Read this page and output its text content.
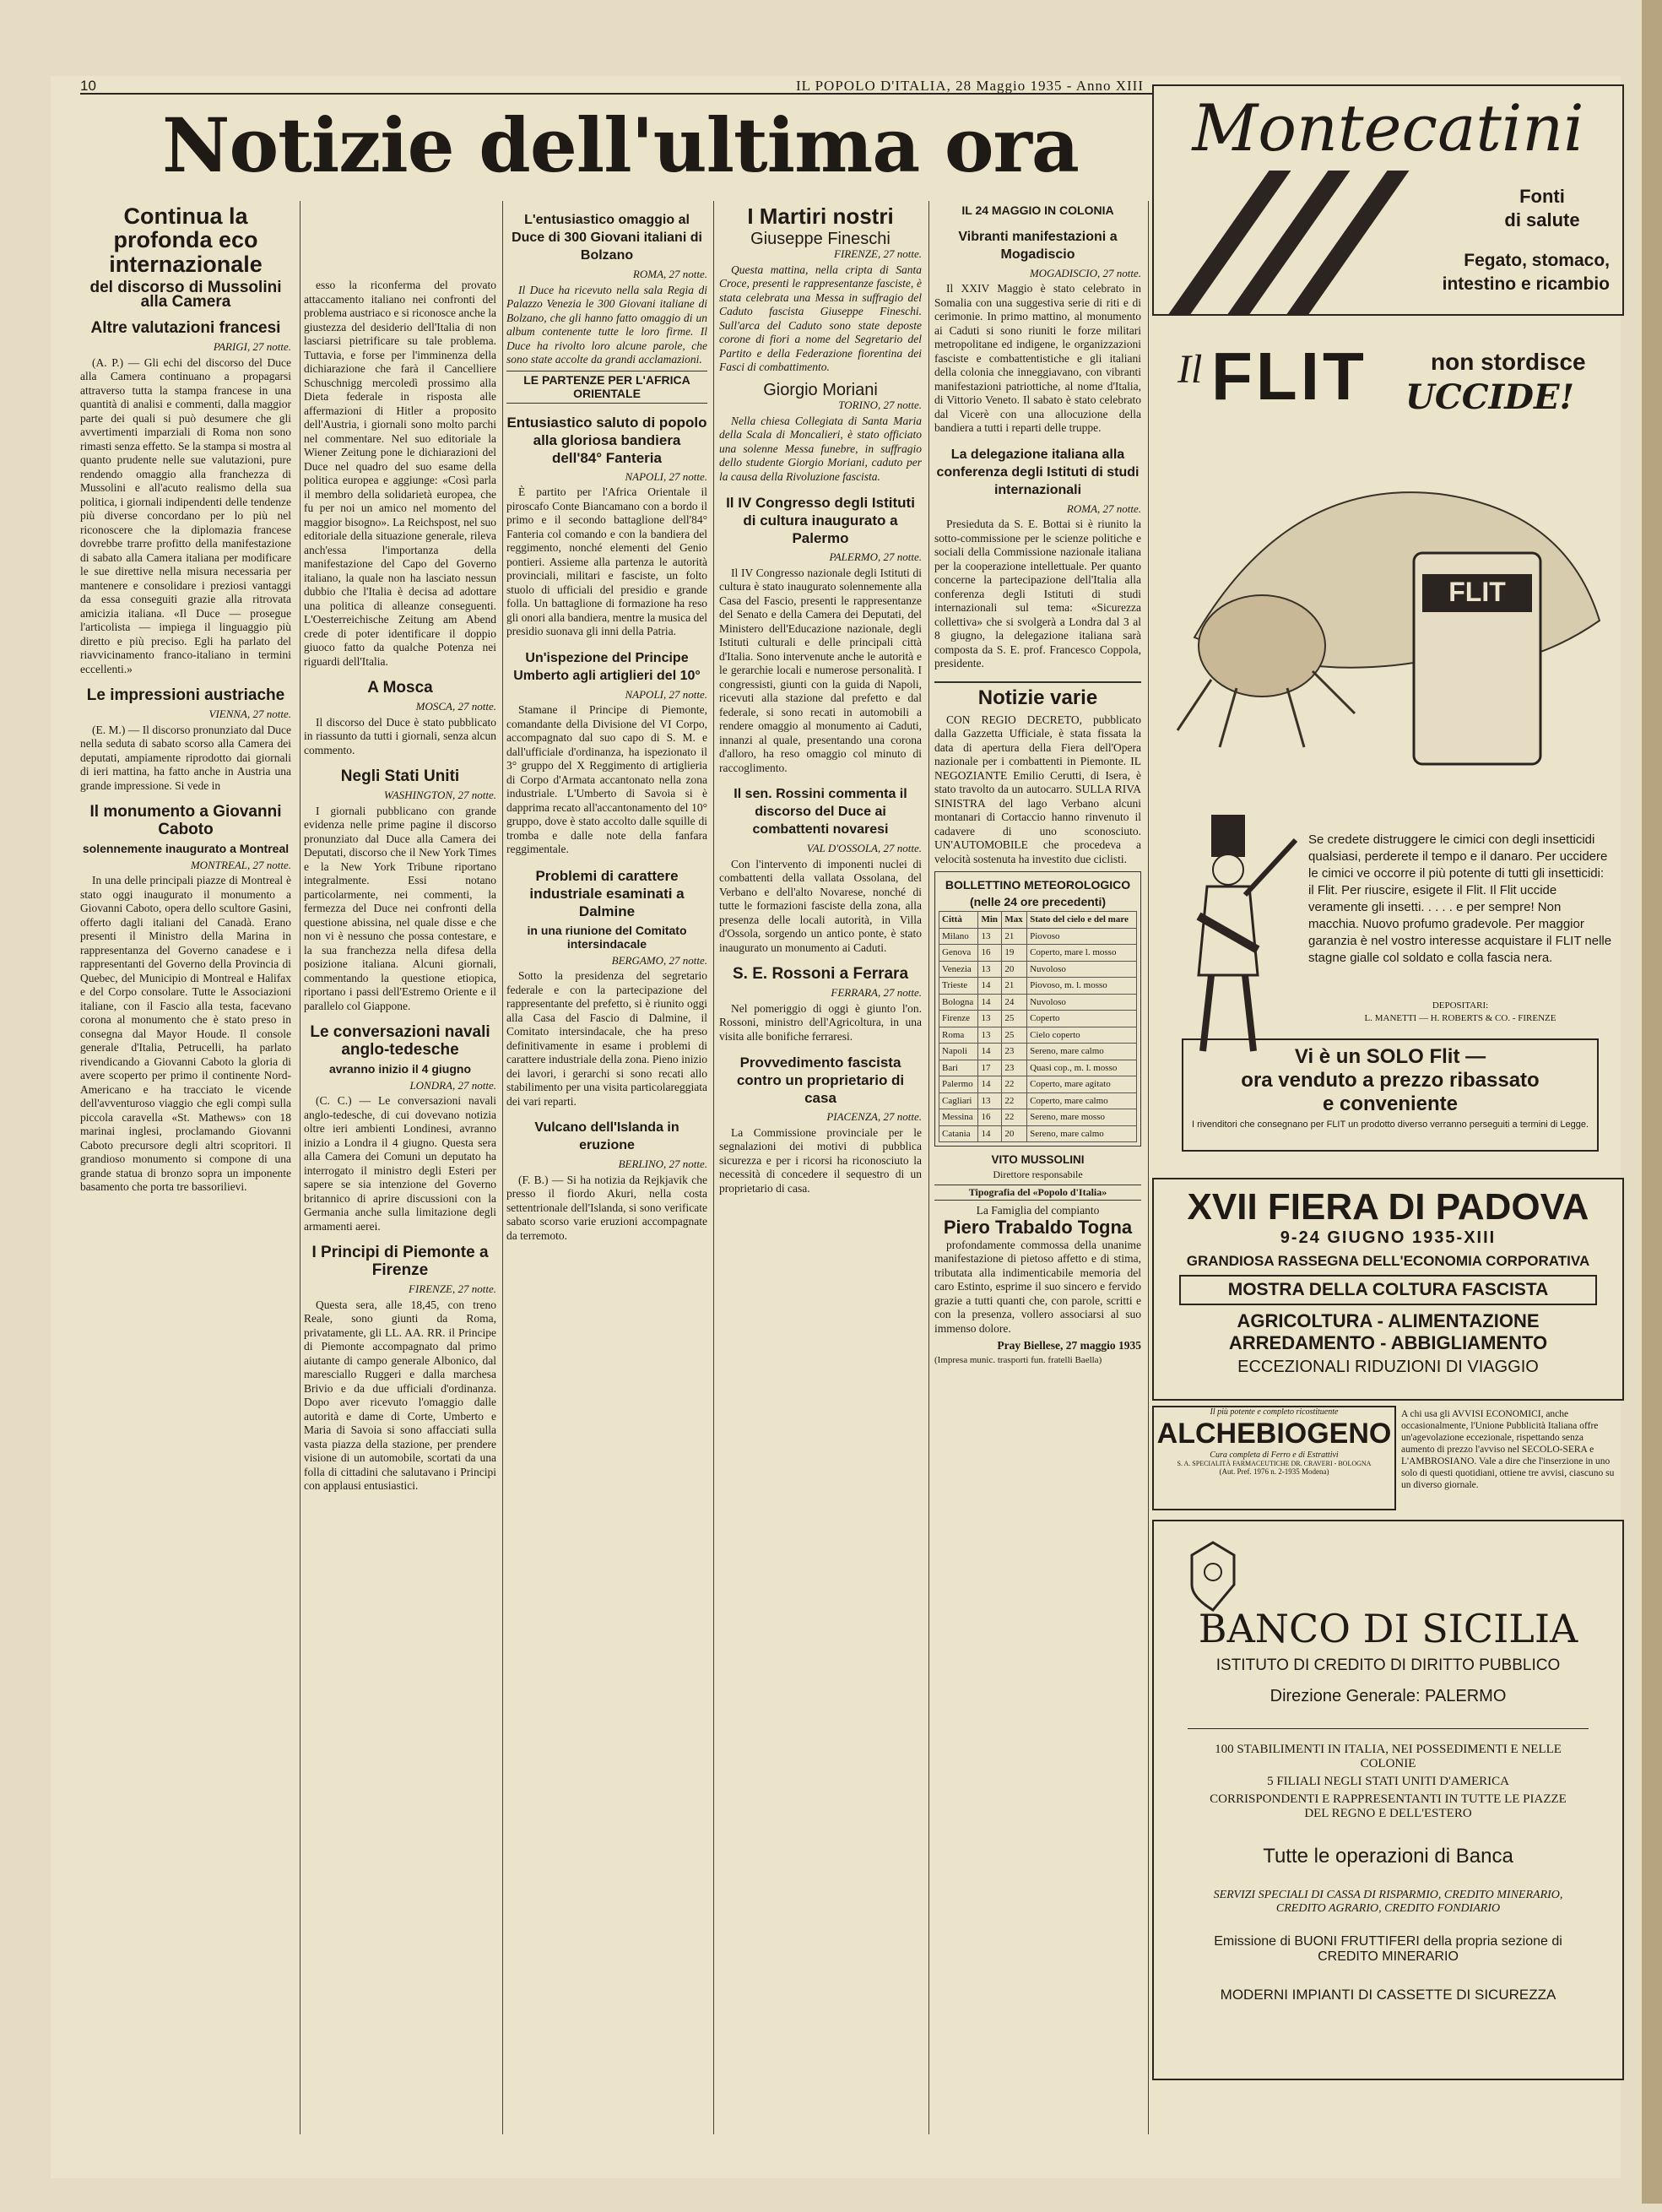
10	IL POPOLO D'ITALIA, 28 Maggio 1935 - Anno XIII
Notizie dell'ultima ora
Continua la profonda eco internazionale
del discorso di Mussolini alla Camera
Altre valutazioni francesi
PARIGI, 27 notte.

(A. P.) — Gli echi del discorso del Duce alla Camera continuano a propagarsi attraverso tutta la stampa francese in una quantità di analisi e commenti, dalla maggior parte dei quali si può desumere che gli avvertimenti imparziali di Roma non sono rimasti senza effetto. Se la stampa si mostra al quanto prudente nelle sue valutazioni, pure rendendo omaggio alla franchezza di Mussolini e all'acuto realismo della sua politica, i giornali indipendenti delle tendenze più diverse concordano per lo più nel riconoscere che la diplomazia francese dovrebbe trarre profitto della manifestazione di sabato alla Camera italiana per modificare le sue direttive nella misura necessaria per mantenere e consolidare i preziosi vantaggi da essa conseguiti grazie alla ritrovata amicizia italiana. «Il Duce — prosegue l'articolista — impiega il linguaggio più diretto e più preciso. Egli ha parlato del riavvicinamento franco-italiano in termini eccellenti.»

Le impressioni austriache
VIENNA, 27 notte.

(E. M.) — Il discorso pronunziato dal Duce nella seduta di sabato scorso alla Camera dei deputati, ampiamente riprodotto dai giornali di ieri mattina, ha fatto anche in Austria una grande impressione. Si vede in

Il monumento a Giovanni Caboto
solennemente inaugurato a Montreal
MONTREAL, 27 notte.

In una delle principali piazze di Montreal è stato oggi inaugurato il monumento a Giovanni Caboto, opera dello scultore Gasini, offerto dagli italiani del Canadà. Erano presenti il Ministro della Marina in rappresentanza del Governo canadese e i rappresentanti del Governo della Provincia di Quebec, del Municipio di Montreal e Halifax e del Corpo consolare. Tutte le Associazioni italiane, con il Fascio alla testa, facevano corona al monumento che è stato preso in consegna dal Mayor Houde. Il console generale d'Italia, Petrucelli, ha parlato rivendicando a Giovanni Caboto la gloria di avere scoperto per primo il continente Nord-Americano e ha tracciato le vicende dell'avventuroso viaggio che egli compì sulla piccola caravella «St. Mathews» con 18 marinai inglesi, proclamando Giovanni Caboto precursore degli altri scopritori. Il grandioso monumento si compone di una grande statua di bronzo sopra un imponente basamento che porta tre bassorilievi.

esso la riconferma del provato attaccamento italiano nei confronti del problema austriaco e si riconosce anche la giustezza del desiderio dell'Italia di non lasciarsi pietrificare su tale problema. Tuttavia, e forse per l'imminenza della dichiarazione che farà il Cancelliere Schuschnigg mercoledì prossimo alla Dieta federale in risposta alle affermazioni di Hitler a proposito dell'Austria, i giornali sono molto parchi nel commentare. Nel suo editoriale la Wiener Zeitung pone le dichiarazioni del Duce nel quadro del suo esame della politica europea e aggiunge: «Così parla il membro della solidarietà europea, che fu per noi un amico nel momento del maggior bisogno». La Reichspost, nel suo editoriale della situazione generale, rileva anch'essa l'importanza della manifestazione del Capo del Governo italiano, la quale non ha lasciato nessun dubbio che l'Italia è decisa ad adottare una politica di alleanze conseguenti. L'Oesterreichische Zeitung am Abend crede di poter identificare il doppio giuoco fatto da qualche Potenza nei riguardi dell'Italia.

A Mosca
MOSCA, 27 notte.

Il discorso del Duce è stato pubblicato in riassunto da tutti i giornali, senza alcun commento.

Negli Stati Uniti
WASHINGTON, 27 notte.

I giornali pubblicano con grande evidenza nelle prime pagine il discorso pronunziato dal Duce alla Camera dei Deputati, discorso che il New York Times e la New York Tribune riportano integralmente. Essi notano particolarmente, nei commenti, la fermezza del Duce nei confronti della questione abissina, nel quale disse e che non vi è nessuno che possa contestare, e la sua franchezza nella difesa della posizione italiana. Alcuni giornali, commentando la questione etiopica, riportano i passi dell'Estremo Oriente e il parallelo col Giappone.

Le conversazioni navali anglo-tedesche
avranno inizio il 4 giugno
LONDRA, 27 notte.

(C. C.) — Le conversazioni navali anglo-tedesche, di cui dovevano notizia oltre ieri ambienti Londinesi, avranno inizio a Londra il 4 giugno. Questa sera alla Camera dei Comuni un deputato ha interrogato il ministro degli Esteri per sapere se sia intenzione del Governo britannico di aprire discussioni con la Germania anche sulla limitazione degli armamenti aerei.

I Principi di Piemonte a Firenze
FIRENZE, 27 notte.

Questa sera, alle 18,45, con treno Reale, sono giunti da Roma, privatamente, gli LL. AA. RR. il Principe di Piemonte accompagnato dal primo aiutante di campo generale Albonico, dal maresciallo Ruggeri e dalla marchesa Brivio e da due ufficiali d'ordinanza. Dopo aver ricevuto l'omaggio dalle autorità e dame di Corte, Umberto e Maria di Savoia si sono affacciati sulla vasta piazza della stazione, per prendere visione di un automobile, scortati da una folla di cittadini che salutavano i Principi con applausi entusiastici.

L'entusiastico omaggio al Duce di 300 Giovani italiani di Bolzano
ROMA, 27 notte.

Il Duce ha ricevuto nella sala Regia di Palazzo Venezia le 300 Giovani italiane di Bolzano, che gli hanno fatto omaggio di un album contenente tutte le loro firme. Il Duce ha rivolto loro alcune parole, che sono state accolte da grandi acclamazioni.

LE PARTENZE PER L'AFRICA ORIENTALE
Entusiastico saluto di popolo alla gloriosa bandiera dell'84° Fanteria
NAPOLI, 27 notte.

È partito per l'Africa Orientale il piroscafo Conte Biancamano con a bordo il primo e il secondo battaglione dell'84° Fanteria col comando e con la bandiera del reggimento, nonché elementi del Genio pontieri. Assieme alla partenza le autorità provinciali, militari e fasciste, un folto stuolo di ufficiali del presidio e grande folla. Un battaglione di formazione ha reso gli onori alla bandiera, mentre la musica del presidio suonava gli inni della Patria.

Un'ispezione del Principe Umberto agli artiglieri del 10°
NAPOLI, 27 notte.

Stamane il Principe di Piemonte, comandante della Divisione del VI Corpo, accompagnato dal suo capo di S. M. e dall'ufficiale d'ordinanza, ha ispezionato il 3° gruppo del X Reggimento di artiglieria di Corpo d'Armata accantonato nella zona industriale. L'Umberto di Savoia si è dapprima recato all'accantonamento del 10° gruppo, dove è stato accolto dalle squille di tromba e dalle note della fanfara reggimentale.

Problemi di carattere industriale esaminati a Dalmine
in una riunione del Comitato intersindacale
BERGAMO, 27 notte.

Sotto la presidenza del segretario federale e con la partecipazione del rappresentante del prefetto, si è riunito oggi alla Casa del Fascio di Dalmine, il Comitato intersindacale, che ha preso definitivamente in esame i problemi di carattere industriale della zona. Pieno inizio dei lavori, i gerarchi si sono recati allo stabilimento per una visita particolareggiata dei vari reparti.

Vulcano dell'Islanda in eruzione
BERLINO, 27 notte.

(F. B.) — Si ha notizia da Rejkjavik che presso il fiordo Akuri, nella costa settentrionale dell'Islanda, si sono verificate sabato scorso varie eruzioni accompagnate da terremoto.

I Martiri nostri
Giuseppe Fineschi
FIRENZE, 27 notte.

Questa mattina, nella cripta di Santa Croce, presenti le rappresentanze fasciste, è stata celebrata una Messa in suffragio del Caduto fascista Giuseppe Fineschi. Sull'arca del Caduto sono state deposte corone di fiori a nome del Segretario del Partito e della Federazione fiorentina dei Fasci di combattimento.

Giorgio Moriani
TORINO, 27 notte.

Nella chiesa Collegiata di Santa Maria della Scala di Moncalieri, è stato officiato una solenne Messa funebre, in suffragio dello studente Giorgio Moriani, caduto per la causa della Rivoluzione fascista.

Il IV Congresso degli Istituti di cultura inaugurato a Palermo
PALERMO, 27 notte.

Il IV Congresso nazionale degli Istituti di cultura è stato inaugurato solennemente alla Casa del Fascio, presenti le rappresentanze del Senato e della Camera dei Deputati, del Ministero dell'Educazione nazionale, degli Istituti culturali e delle principali città d'Italia. Sono intervenute anche le autorità e le gerarchie locali e numerose personalità. I congressisti, giunti con la guida di Napoli, ricevuti alla stazione dal prefetto e dal federale, si sono recati in automobili a rendere omaggio al monumento ai Caduti, innanzi al quale, presentando una corona d'alloro, ha reso omaggio col minuto di raccoglimento.

Il sen. Rossini commenta il discorso del Duce ai combattenti novaresi
VAL D'OSSOLA, 27 notte.

Con l'intervento di imponenti nuclei di combattenti della vallata Ossolana, del Verbano e dell'alto Novarese, nonché di tutte le formazioni fasciste della zona, alla presenza delle locali autorità, in Villa d'Ossola, sorgendo un antico ponte, è stato inaugurato un monumento ai Caduti.

S. E. Rossoni a Ferrara
FERRARA, 27 notte.

Nel pomeriggio di oggi è giunto l'on. Rossoni, ministro dell'Agricoltura, in una visita alle bonifiche ferraresi.

Provvedimento fascista contro un proprietario di casa
PIACENZA, 27 notte.

La Commissione provinciale per le segnalazioni dei motivi di pubblica sicurezza e per i ricorsi ha riconosciuto la necessità di concedere il sequestro di un proprietario di casa.

IL 24 MAGGIO IN COLONIA
Vibranti manifestazioni a Mogadiscio
MOGADISCIO, 27 notte.

Il XXIV Maggio è stato celebrato in Somalia con una suggestiva serie di riti e di cerimonie. In primo mattino, al monumento ai Caduti si sono riuniti le forze militari metropolitane ed indigene, le organizzazioni fasciste e combattentistiche e gli italiani della colonia che inneggiavano, con vibranti manifestazioni patriottiche, al nome d'Italia, di Vittorio Veneto. Il sabato è stato celebrato dal Vicerè con una allocuzione della bandiera a tutti i reparti delle truppe.

La delegazione italiana alla conferenza degli Istituti di studi internazionali
ROMA, 27 notte.

Presieduta da S. E. Bottai si è riunito la sotto-commissione per le scienze politiche e sociali della Commissione nazionale italiana per la cooperazione intellettuale. Per quanto concerne la partecipazione dell'Italia alla conferenza degli Istituti di studi internazionali sul tema: «Sicurezza collettiva» che si svolgerà a Londra dal 3 al 8 giugno, la delegazione italiana sarà composta da S. E. prof. Francesco Coppola, presidente.

Notizie varie

CON REGIO DECRETO, pubblicato dalla Gazzetta Ufficiale, è stata fissata la data di apertura della Fiera dell'Opera nazionale per i combattenti in Piemonte. IL NEGOZIANTE Emilio Cerutti, di Isera, è stato travolto da un autocarro. SULLA RIVA SINISTRA del lago Verbano alcuni montanari di Cortaccio hanno rinvenuto il cadavere di uno sconosciuto. UN'AUTOMOBILE che procedeva a velocità sostenuta ha investito due ciclisti.

BOLLETTINO METEOROLOGICO
(nelle 24 ore precedenti)
Città	Min	Max	Stato del cielo e del mare
Milano	13	21	Piovoso
Genova	16	19	Coperto, mare l. mosso
Venezia	13	20	Nuvoloso
Trieste	14	21	Piovoso, m. l. mosso
Bologna	14	24	Nuvoloso
Firenze	13	25	Coperto
Roma	13	25	Cielo coperto
Napoli	14	23	Sereno, mare calmo
Bari	17	23	Quasi cop., m. l. mosso
Palermo	14	22	Coperto, mare agitato
Cagliari	13	22	Coperto, mare calmo
Messina	16	22	Sereno, mare mosso
Catania	14	20	Sereno, mare calmo
VITO MUSSOLINI
Direttore responsabile
Tipografia del «Popolo d'Italia»
La Famiglia del compianto
Piero Trabaldo Togna

profondamente commossa della unanime manifestazione di pietoso affetto e di stima, tributata alla indimenticabile memoria del caro Estinto, esprime il suo sincero e fervido grazie a tutti quanti che, con parole, scritti e con la presenza, vollero associarsi al suo immenso dolore.

Pray Biellese, 27 maggio 1935
(Impresa munic. trasporti fun. fratelli Baella)
Montecatini
Fonti
di salute
Fegato, stomaco,
intestino e ricambio
Il FLIT	non stordisce
UCCIDE!
FLIT

Se credete distruggere le cimici con degli insetticidi qualsiasi, perderete il tempo e il danaro. Per uccidere le cimici ve occorre il più potente di tutti gli insetticidi: il Flit. Per riuscire, esigete il Flit. Il Flit uccide veramente gli insetti. . . . . e per sempre! Non macchia. Nuovo profumo gradevole. Per maggior garanzia è nel vostro interesse acquistare il FLIT nelle stagne gialle col soldato e colla fascia nera.

DEPOSITARI:
L. MANETTI — H. ROBERTS & CO. - FIRENZE
Vi è un SOLO Flit —
ora venduto a prezzo ribassato
e conveniente
I rivenditori che consegnano per FLIT un prodotto diverso verranno perseguiti a termini di Legge.
XVII FIERA DI PADOVA
9-24 GIUGNO 1935-XIII
GRANDIOSA RASSEGNA DELL'ECONOMIA CORPORATIVA
MOSTRA DELLA COLTURA FASCISTA
AGRICOLTURA - ALIMENTAZIONE
ARREDAMENTO - ABBIGLIAMENTO
ECCEZIONALI RIDUZIONI DI VIAGGIO
Il più potente e completo ricostituente
ALCHEBIOGENO
Cura completa di Ferro e di Estrattivi
S. A. SPECIALITÀ FARMACEUTICHE DR. CRAVERI - BOLOGNA
(Aut. Pref. 1976 n. 2-1935 Modena)

A chi usa gli AVVISI ECONOMICI, anche occasionalmente, l'Unione Pubblicità Italiana offre un'agevolazione eccezionale, rispettando senza aumento di prezzo l'avviso nel SECOLO-SERA e L'AMBROSIANO. Vale a dire che l'inserzione in uno solo di questi quotidiani, ottiene tre avvisi, ciascuno su un diverso giornale.

BANCO DI SICILIA
ISTITUTO DI CREDITO DI DIRITTO PUBBLICO
Direzione Generale: PALERMO
100 STABILIMENTI IN ITALIA, NEI POSSEDIMENTI E NELLE COLONIE
5 FILIALI NEGLI STATI UNITI D'AMERICA
CORRISPONDENTI E RAPPRESENTANTI IN TUTTE LE PIAZZE DEL REGNO E DELL'ESTERO
Tutte le operazioni di Banca
SERVIZI SPECIALI DI CASSA DI RISPARMIO, CREDITO MINERARIO, CREDITO AGRARIO, CREDITO FONDIARIO
Emissione di BUONI FRUTTIFERI della propria sezione di CREDITO MINERARIO
MODERNI IMPIANTI DI CASSETTE DI SICUREZZA
